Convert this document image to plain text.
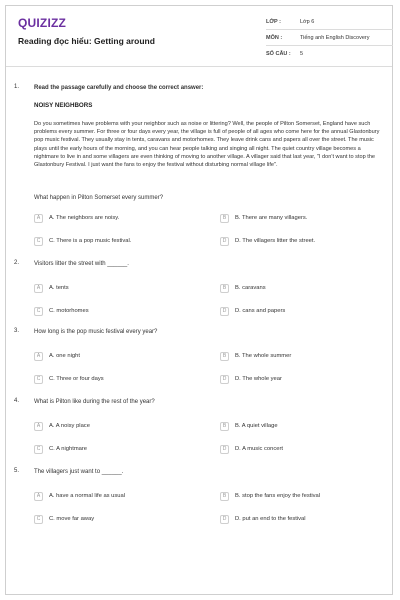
QUIZIZZ
Reading đọc hiểu: Getting around
LỚP :	Lớp 6
MÔN :	Tiếng anh English Discovery
SỐ CÂU :	5
1. Read the passage carefully and choose the correct answer:
NOISY NEIGHBORS
Do you sometimes have problems with your neighbor such as noise or littering? Well, the people of Pilton Somerset, England have such problems every summer. For three or four days every year, the village is full of people of all ages who come here for the annual Glastonbury pop music festival. They usually stay in tents, caravans and motorhomes. They leave drink cans and papers all over the street. The music plays until the early hours of the morning, and you can hear people talking and singing all night. The quiet country village becomes a nightmare to live in and some villagers are even thinking of moving to another village. A villager said that last year, "I don't want to stop the Glastonbury Festival. I just want the fans to enjoy the festival without disturbing normal village life".
What happen in Pilton Somerset every summer?
A	A. The neighbors are noisy.	B	B. There are many villagers.
C	C. There is a pop music festival.	D	D. The villagers litter the street.
2. Visitors litter the street with ______.
A	A. tents	B	B. caravans
C	C. motorhomes	D	D. cans and papers
3. How long is the pop music festival every year?
A	A. one night	B	B. The whole summer
C	C. Three or four days	D	D. The whole year
4. What is Pilton like during the rest of the year?
A	A. A noisy place	B	B. A quiet village
C	C. A nightmare	D	D. A music concert
5. The villagers just want to ______.
A	A. have a normal life as usual	B	B. stop the fans enjoy the festival
C	C. move far away	D	D. put an end to the festival
